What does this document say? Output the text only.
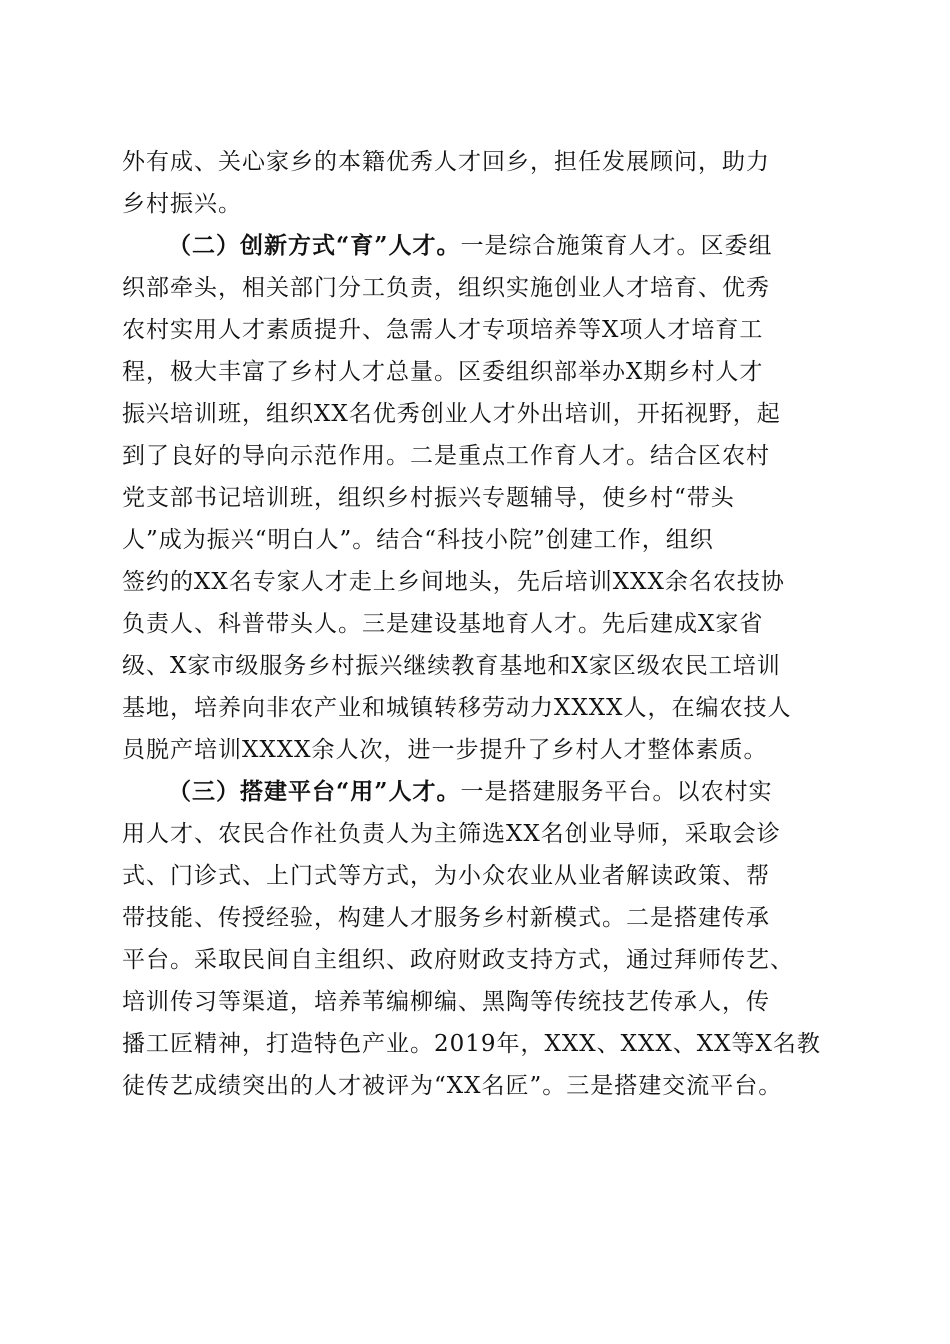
外有成、关心家乡的本籍优秀人才回乡，担任发展顾问，助力
乡村振兴。
（二）创新方式“育”人才。一是综合施策育人才。区委组
织部牵头，相关部门分工负责，组织实施创业人才培育、优秀
农村实用人才素质提升、急需人才专项培养等X项人才培育工
程，极大丰富了乡村人才总量。区委组织部举办X期乡村人才
振兴培训班，组织XX名优秀创业人才外出培训，开拓视野，起
到了良好的导向示范作用。二是重点工作育人才。结合区农村
党支部书记培训班，组织乡村振兴专题辅导，使乡村“带头
人”成为振兴“明白人”。结合“科技小院”创建工作，组织
签约的XX名专家人才走上乡间地头，先后培训XXX余名农技协
负责人、科普带头人。三是建设基地育人才。先后建成X家省
级、X家市级服务乡村振兴继续教育基地和X家区级农民工培训
基地，培养向非农产业和城镇转移劳动力XXXX人，在编农技人
员脱产培训XXXX余人次，进一步提升了乡村人才整体素质。
（三）搭建平台“用”人才。一是搭建服务平台。以农村实
用人才、农民合作社负责人为主筛选XX名创业导师，采取会诊
式、门诊式、上门式等方式，为小众农业从业者解读政策、帮
带技能、传授经验，构建人才服务乡村新模式。二是搭建传承
平台。采取民间自主组织、政府财政支持方式，通过拜师传艺、
培训传习等渠道，培养苇编柳编、黑陶等传统技艺传承人，传
播工匠精神，打造特色产业。2019年，XXX、XXX、XX等X名教
徒传艺成绩突出的人才被评为“XX名匠”。三是搭建交流平台。
